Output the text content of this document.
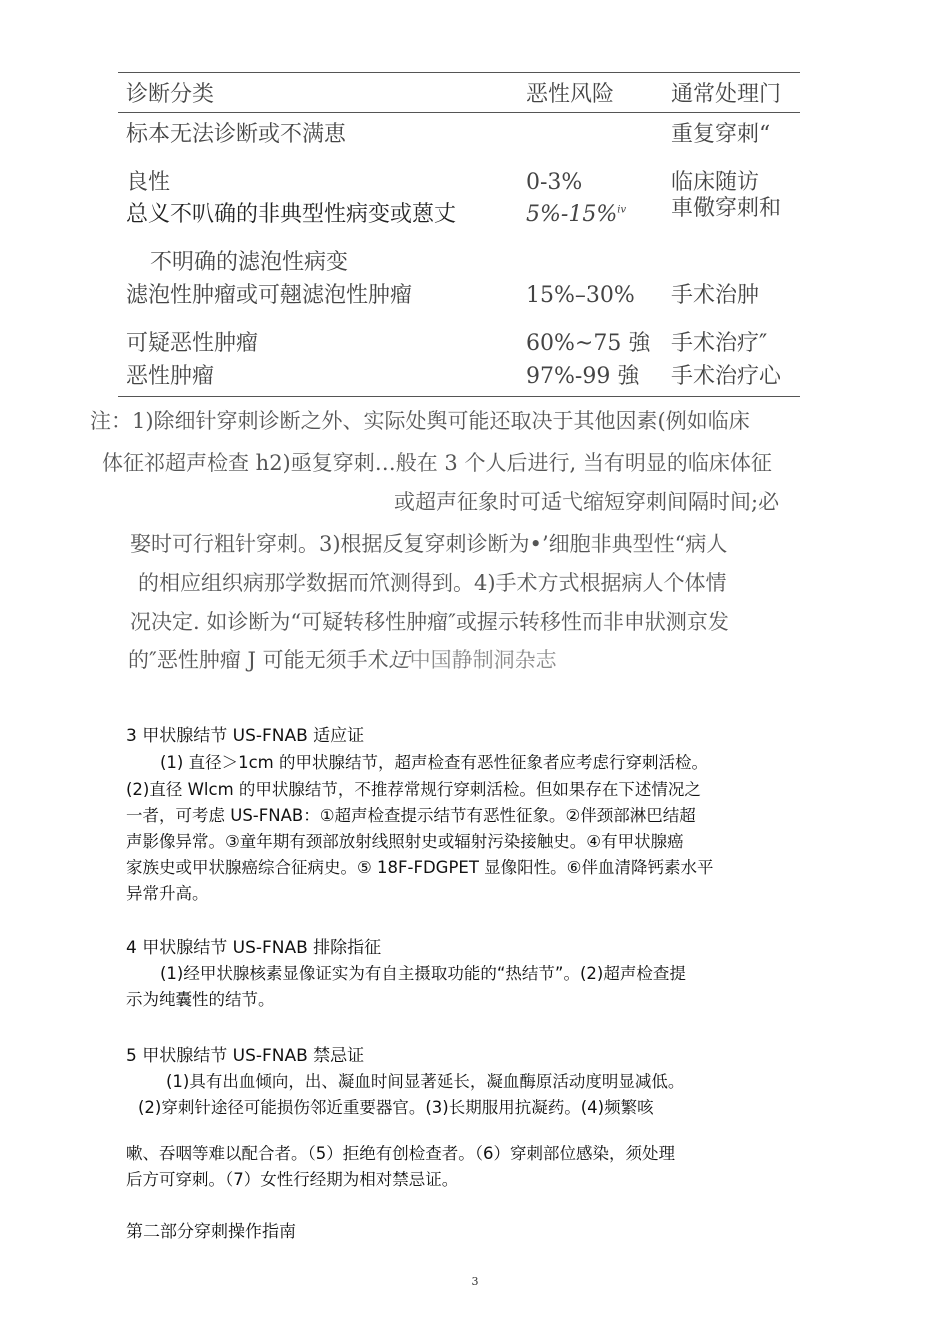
诊断分类	恶性风险	通常处理门
标本无法诊断或不满恵	重复穿刺“
良性	0-3%	临床随访
总义不叭确的非典型性病变或蒽丈	5%-15%$^ⅳ$ 車儆穿刺和
不明确的滤泡性病变
滤泡性肿瘤或可翹滤泡性肿瘤	15%–30% 手术治肿
可疑恶性肿瘤	60%~75 強 手术治疗″
恶性肿瘤	97%-99 強 手术治疗心
注：1)除细针穿刺诊断之外、实际处舆可能还取决于其他因素(例如临床
体征祁超声检查 h2)亟复穿刺…般在 3 个人后进行, 当有明显的临床体征
或超声征象时可适弋缩短穿刺间隔时间;必
娶时可行粗针穿刺。3)根据反复穿刺诊断为•’细胞非典型性“病人
的相应组织病那学数据而笊测得到。4)手术方式根据病人个体情
况决定. 如诊断为“可疑转移性肿瘤″或握示转移性而非申狀测京发
的″恶性肿瘤 J 可能无须手术迂中国静制洞杂志
3 甲状腺结节 US-FNAB 适应证
(1) 直径＞1cm 的甲状腺结节，超声检查有恶性征象者应考虑行穿刺活检。
(2)直径 Wlcm 的甲状腺结节，不推荐常规行穿刺活检。但如果存在下述情况之
一者，可考虑 US-FNAB：①超声检查提示结节有恶性征象。②伴颈部淋巴结超
声影像异常。③童年期有颈部放射线照射史或辐射污染接触史。④有甲状腺癌
家族史或甲状腺癌综合征病史。⑤ 18F-FDGPET 显像阳性。⑥伴血清降钙素水平
异常升高。
4 甲状腺结节 US-FNAB 排除指征
(1)经甲状腺核素显像证实为有自主摄取功能的“热结节”。(2)超声检查提
示为纯囊性的结节。
5 甲状腺结节 US-FNAB 禁忌证
(1)具有出血倾向，出、凝血时间显著延长，凝血酶原活动度明显减低。
(2)穿刺针途径可能损伤邻近重要器官。(3)长期服用抗凝药。(4)频繁咳
嗽、吞咽等难以配合者。（5）拒绝有创检查者。（6）穿刺部位感染，须处理
后方可穿刺。（7）女性行经期为相对禁忌证。
第二部分穿刺操作指南
3
